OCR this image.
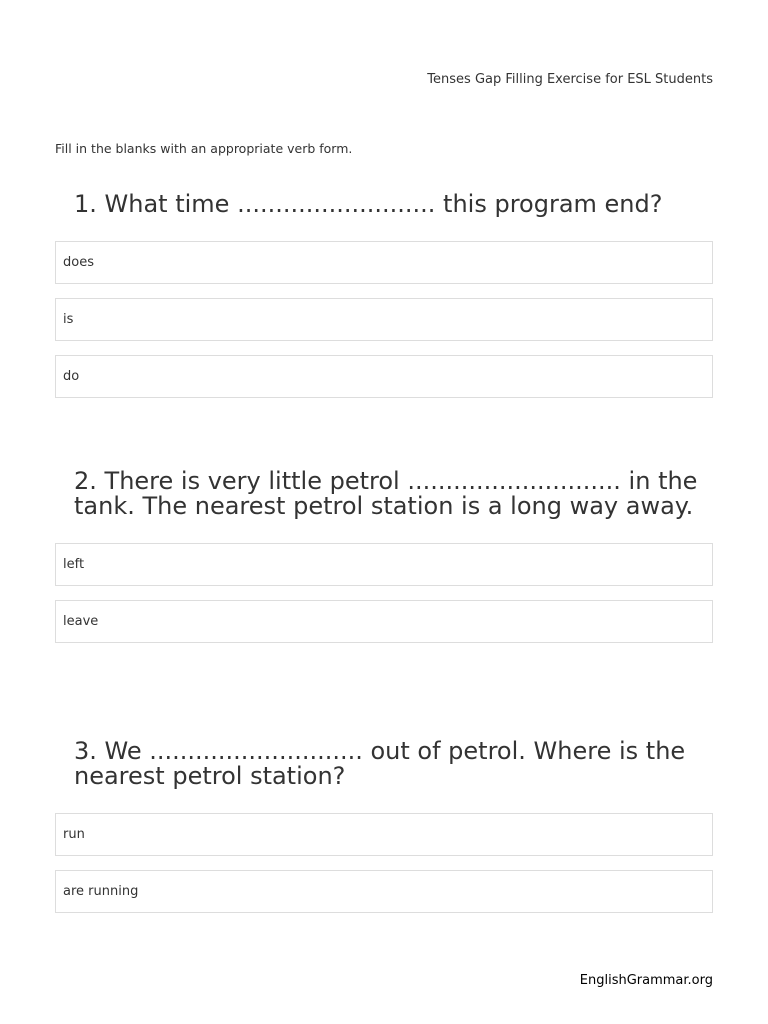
Tenses Gap Filling Exercise for ESL Students
Fill in the blanks with an appropriate verb form.
1. What time .......................... this program end?
does
is
do
2. There is very little petrol ............................ in the tank. The nearest petrol station is a long way away.
left
leave
3. We ............................ out of petrol. Where is the nearest petrol station?
run
are running
EnglishGrammar.org
